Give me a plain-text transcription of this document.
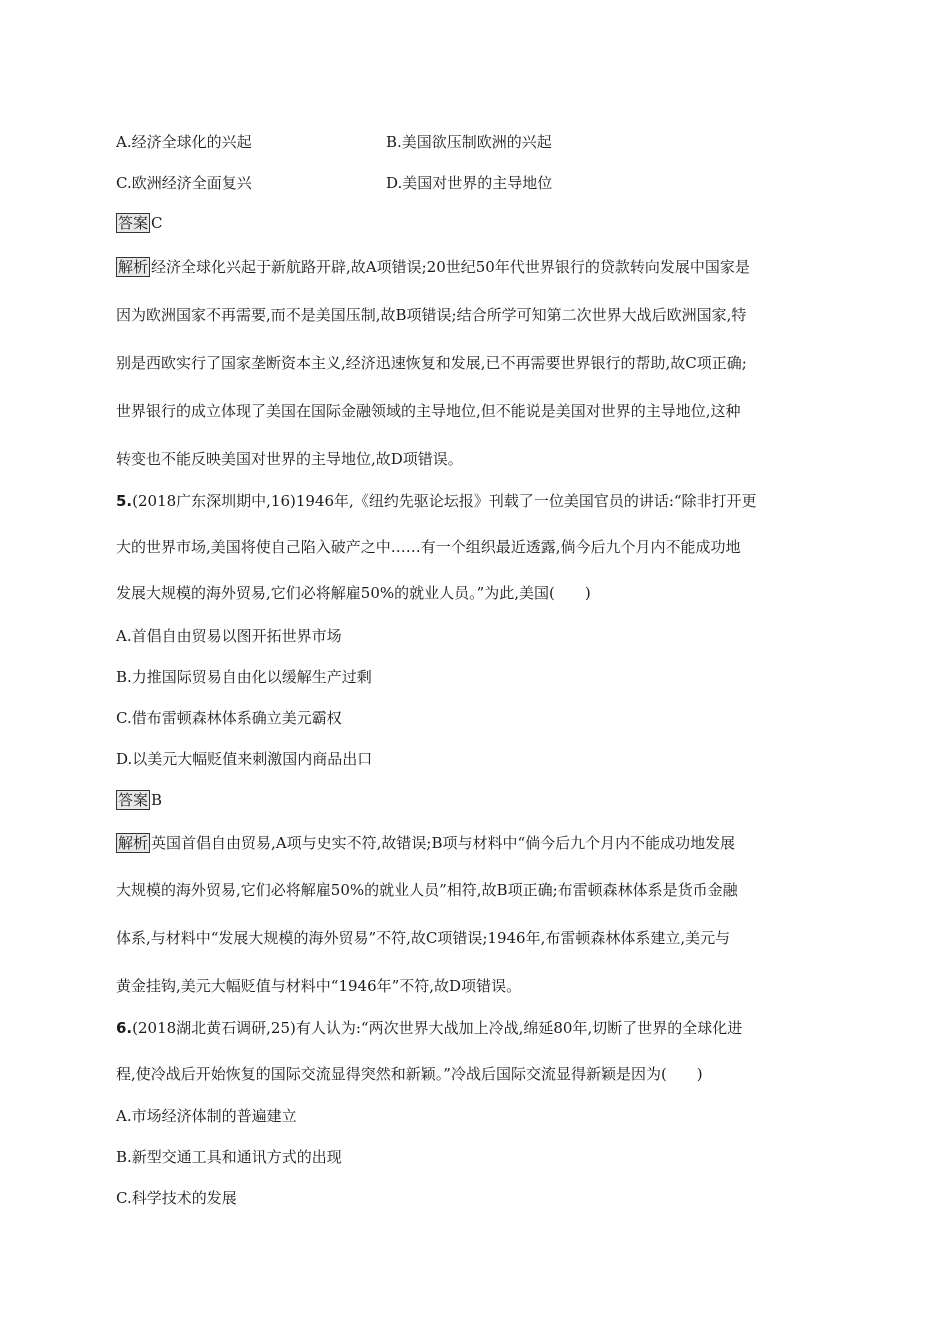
A.经济全球化的兴起	B.美国欲压制欧洲的兴起
C.欧洲经济全面复兴	D.美国对世界的主导地位
答案 C
解析 经济全球化兴起于新航路开辟,故A项错误;20世纪50年代世界银行的贷款转向发展中国家是
因为欧洲国家不再需要,而不是美国压制,故B项错误;结合所学可知第二次世界大战后欧洲国家,特
别是西欧实行了国家垄断资本主义,经济迅速恢复和发展,已不再需要世界银行的帮助,故C项正确;
世界银行的成立体现了美国在国际金融领域的主导地位,但不能说是美国对世界的主导地位,这种
转变也不能反映美国对世界的主导地位,故D项错误。
5.(2018广东深圳期中,16)1946年,《纽约先驱论坛报》刊载了一位美国官员的讲话:“除非打开更
大的世界市场,美国将使自己陷入破产之中……有一个组织最近透露,倘今后九个月内不能成功地
发展大规模的海外贸易,它们必将解雇50%的就业人员。”为此,美国(　　)
A.首倡自由贸易以图开拓世界市场
B.力推国际贸易自由化以缓解生产过剩
C.借布雷顿森林体系确立美元霸权
D.以美元大幅贬值来刺激国内商品出口
答案 B
解析 英国首倡自由贸易,A项与史实不符,故错误;B项与材料中“倘今后九个月内不能成功地发展
大规模的海外贸易,它们必将解雇50%的就业人员”相符,故B项正确;布雷顿森林体系是货币金融
体系,与材料中“发展大规模的海外贸易”不符,故C项错误;1946年,布雷顿森林体系建立,美元与
黄金挂钩,美元大幅贬值与材料中“1946年”不符,故D项错误。
6.(2018湖北黄石调研,25)有人认为:“两次世界大战加上冷战,绵延80年,切断了世界的全球化进
程,使冷战后开始恢复的国际交流显得突然和新颖。”冷战后国际交流显得新颖是因为(　　)
A.市场经济体制的普遍建立
B.新型交通工具和通讯方式的出现
C.科学技术的发展
